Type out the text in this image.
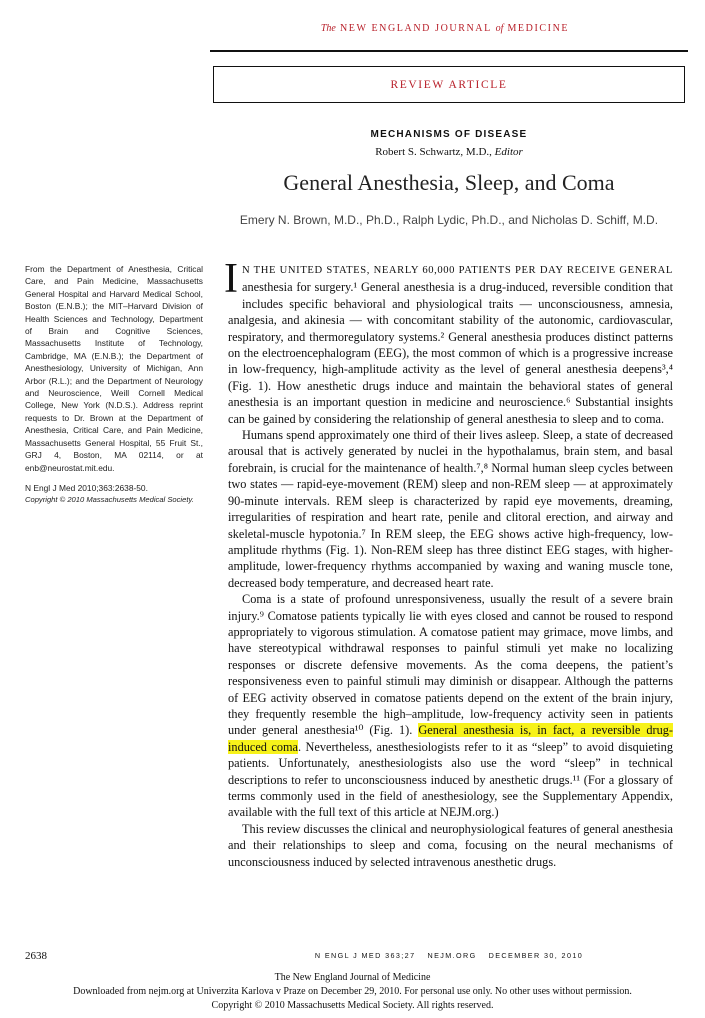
The NEW ENGLAND JOURNAL of MEDICINE
REVIEW ARTICLE
MECHANISMS OF DISEASE
Robert S. Schwartz, M.D., Editor
General Anesthesia, Sleep, and Coma
Emery N. Brown, M.D., Ph.D., Ralph Lydic, Ph.D., and Nicholas D. Schiff, M.D.

From the Department of Anesthesia, Critical Care, and Pain Medicine, Massachusetts General Hospital and Harvard Medical School, Boston (E.N.B.); the MIT–Harvard Division of Health Sciences and Technology, Department of Brain and Cognitive Sciences, Massachusetts Institute of Technology, Cambridge, MA (E.N.B.); the Department of Anesthesiology, University of Michigan, Ann Arbor (R.L.); and the Department of Neurology and Neuroscience, Weill Cornell Medical College, New York (N.D.S.). Address reprint requests to Dr. Brown at the Department of Anesthesia, Critical Care, and Pain Medicine, Massachusetts General Hospital, 55 Fruit St., GRJ 4, Boston, MA 02114, or at enb@neurostat.mit.edu.

N Engl J Med 2010;363:2638-50.

Copyright © 2010 Massachusetts Medical Society.

I N THE UNITED STATES, NEARLY 60,000 PATIENTS PER DAY RECEIVE GENERAL anesthesia for surgery.¹ General anesthesia is a drug-induced, reversible condition that includes specific behavioral and physiological traits — unconsciousness, amnesia, analgesia, and akinesia — with concomitant stability of the autonomic, cardiovascular, respiratory, and thermoregulatory systems.² General anesthesia produces distinct patterns on the electroencephalogram (EEG), the most common of which is a progressive increase in low-frequency, high-amplitude activity as the level of general anesthesia deepens³,⁴ (Fig. 1). How anesthetic drugs induce and maintain the behavioral states of general anesthesia is an important question in medicine and neuroscience.⁶ Substantial insights can be gained by considering the relationship of general anesthesia to sleep and to coma.

Humans spend approximately one third of their lives asleep. Sleep, a state of decreased arousal that is actively generated by nuclei in the hypothalamus, brain stem, and basal forebrain, is crucial for the maintenance of health.⁷,⁸ Normal human sleep cycles between two states — rapid-eye-movement (REM) sleep and non-REM sleep — at approximately 90-minute intervals. REM sleep is characterized by rapid eye movements, dreaming, irregularities of respiration and heart rate, penile and clitoral erection, and airway and skeletal-muscle hypotonia.⁷ In REM sleep, the EEG shows active high-frequency, low-amplitude rhythms (Fig. 1). Non-REM sleep has three distinct EEG stages, with higher-amplitude, lower-frequency rhythms accompanied by waxing and waning muscle tone, decreased body temperature, and decreased heart rate.

Coma is a state of profound unresponsiveness, usually the result of a severe brain injury.⁹ Comatose patients typically lie with eyes closed and cannot be roused to respond appropriately to vigorous stimulation. A comatose patient may grimace, move limbs, and have stereotypical withdrawal responses to painful stimuli yet make no localizing responses or discrete defensive movements. As the coma deepens, the patient’s responsiveness even to painful stimuli may diminish or disappear. Although the patterns of EEG activity observed in comatose patients depend on the extent of the brain injury, they frequently resemble the high–amplitude, low-frequency activity seen in patients under general anesthesia¹⁰ (Fig. 1). General anesthesia is, in fact, a reversible drug-induced coma. Nevertheless, anesthesiologists refer to it as “sleep” to avoid disquieting patients. Unfortunately, anesthesiologists also use the word “sleep” in technical descriptions to refer to unconsciousness induced by anesthetic drugs.¹¹ (For a glossary of terms commonly used in the field of anesthesiology, see the Supplementary Appendix, available with the full text of this article at NEJM.org.)

This review discusses the clinical and neurophysiological features of general anesthesia and their relationships to sleep and coma, focusing on the neural mechanisms of unconsciousness induced by selected intravenous anesthetic drugs.

2638	N ENGL J MED 363;27 NEJM.ORG DECEMBER 30, 2010
The New England Journal of Medicine
Downloaded from nejm.org at Univerzita Karlova v Praze on December 29, 2010. For personal use only. No other uses without permission.
Copyright © 2010 Massachusetts Medical Society. All rights reserved.
